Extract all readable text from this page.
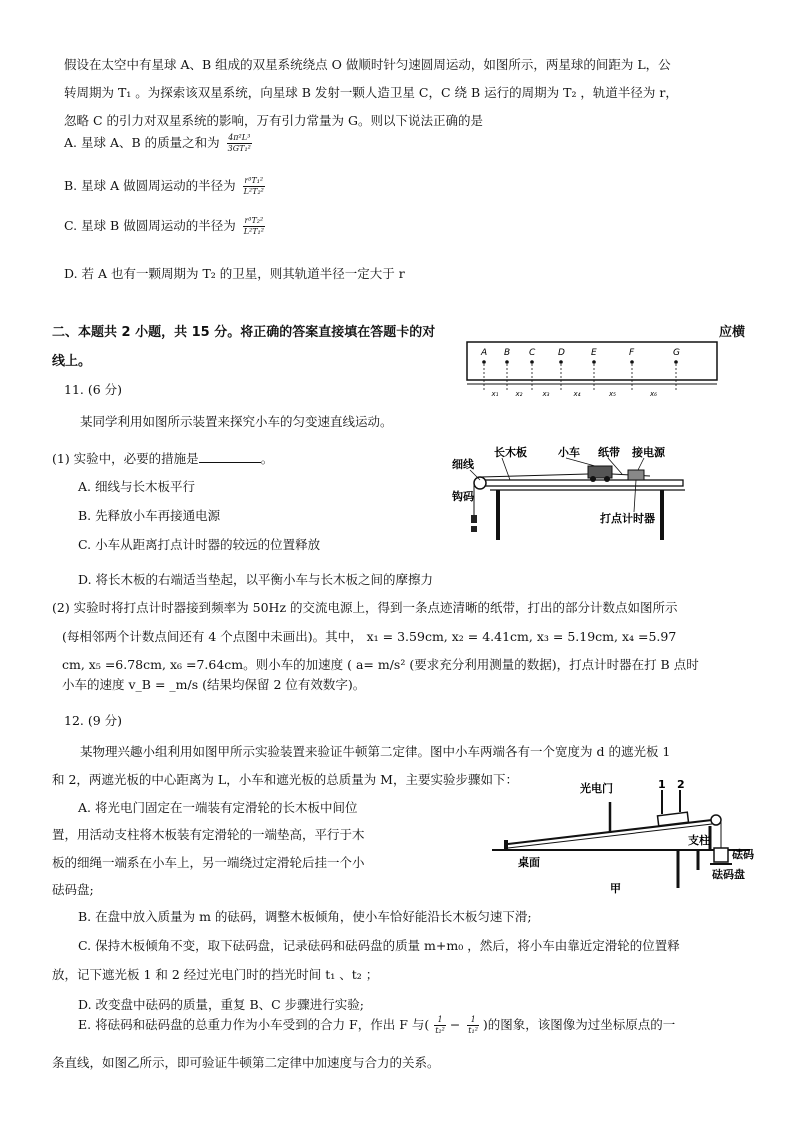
假设在太空中有星球 A、B 组成的双星系统绕点 O 做顺时针匀速圆周运动，如图所示，两星球的间距为 L，公
转周期为 T₁ 。为探索该双星系统，向星球 B 发射一颗人造卫星 C，C 绕 B 运行的周期为 T₂ ，轨道半径为 r，
忽略 C 的引力对双星系统的影响，万有引力常量为 G。则以下说法正确的是
A. 星球 A、B 的质量之和为 $\frac{\text{4π²L³}}{\text{3GT₁²}}$
B. 星球 A 做圆周运动的半径为 $\frac{\text{r³T₁²}}{\text{L²T₂²}}$
C. 星球 B 做圆周运动的半径为 $\frac{\text{r³T₂²}}{\text{L²T₁²}}$
D. 若 A 也有一颗周期为 T₂ 的卫星，则其轨道半径一定大于 r
二、本题共 2 小题，共 15 分。将正确的答案直接填在答题卡的对	应横
线上。
A B C	D	E	F	G
x₁ x₂	x₃	x₄	x₅	x₆
11. (6 分)
某同学利用如图所示装置来探究小车的匀变速直线运动。
(1) 实验中，必要的措施是	。
A. 细线与长木板平行
B. 先释放小车再接通电源
C. 小车从距离打点计时器的较远的位置释放
D. 将长木板的右端适当垫起，以平衡小车与长木板之间的摩擦力
长木板	小车 纸带 接电源
细线
钩码
打点计时器
(2) 实验时将打点计时器接到频率为 50Hz 的交流电源上，得到一条点迹清晰的纸带，打出的部分计数点如图所示
(每相邻两个计数点间还有 4 个点图中未画出)。其中， x₁ = 3.59cm, x₂ = 4.41cm, x₃ = 5.19cm, x₄ =5.97
cm, x₅ =6.78cm, x₆ =7.64cm。则小车的加速度 ( a= m/s² (要求充分利用测量的数据)，打点计时器在打 B 点时
小车的速度 v_B = _m/s (结果均保留 2 位有效数字)。
12. (9 分)
某物理兴趣小组利用如图甲所示实验装置来验证牛顿第二定律。图中小车两端各有一个宽度为 d 的遮光板 1
和 2，两遮光板的中心距离为 L，小车和遮光板的总质量为 M，主要实验步骤如下：
A. 将光电门固定在一端装有定滑轮的长木板中间位
置，用活动支柱将木板装有定滑轮的一端垫高，平行于木
板的细绳一端系在小车上，另一端绕过定滑轮后挂一个小
砝码盘;
光电门	1 2
支柱
桌面
砝码
砝码盘
甲
B. 在盘中放入质量为 m 的砝码，调整木板倾角，使小车恰好能沿长木板匀速下滑;
C. 保持木板倾角不变，取下砝码盘，记录砝码和砝码盘的质量 m+m₀ ，然后，将小车由靠近定滑轮的位置释
放，记下遮光板 1 和 2 经过光电门时的挡光时间 t₁ 、t₂ ；
D. 改变盘中砝码的质量，重复 B、C 步骤进行实验;
E. 将砝码和砝码盘的总重力作为小车受到的合力 F，作出 F 与( $\frac{1}{\text{t₂²}} - \frac{1}{\text{t₁²}}$ )的图象，该图像为过坐标原点的一
条直线，如图乙所示，即可验证牛顿第二定律中加速度与合力的关系。
